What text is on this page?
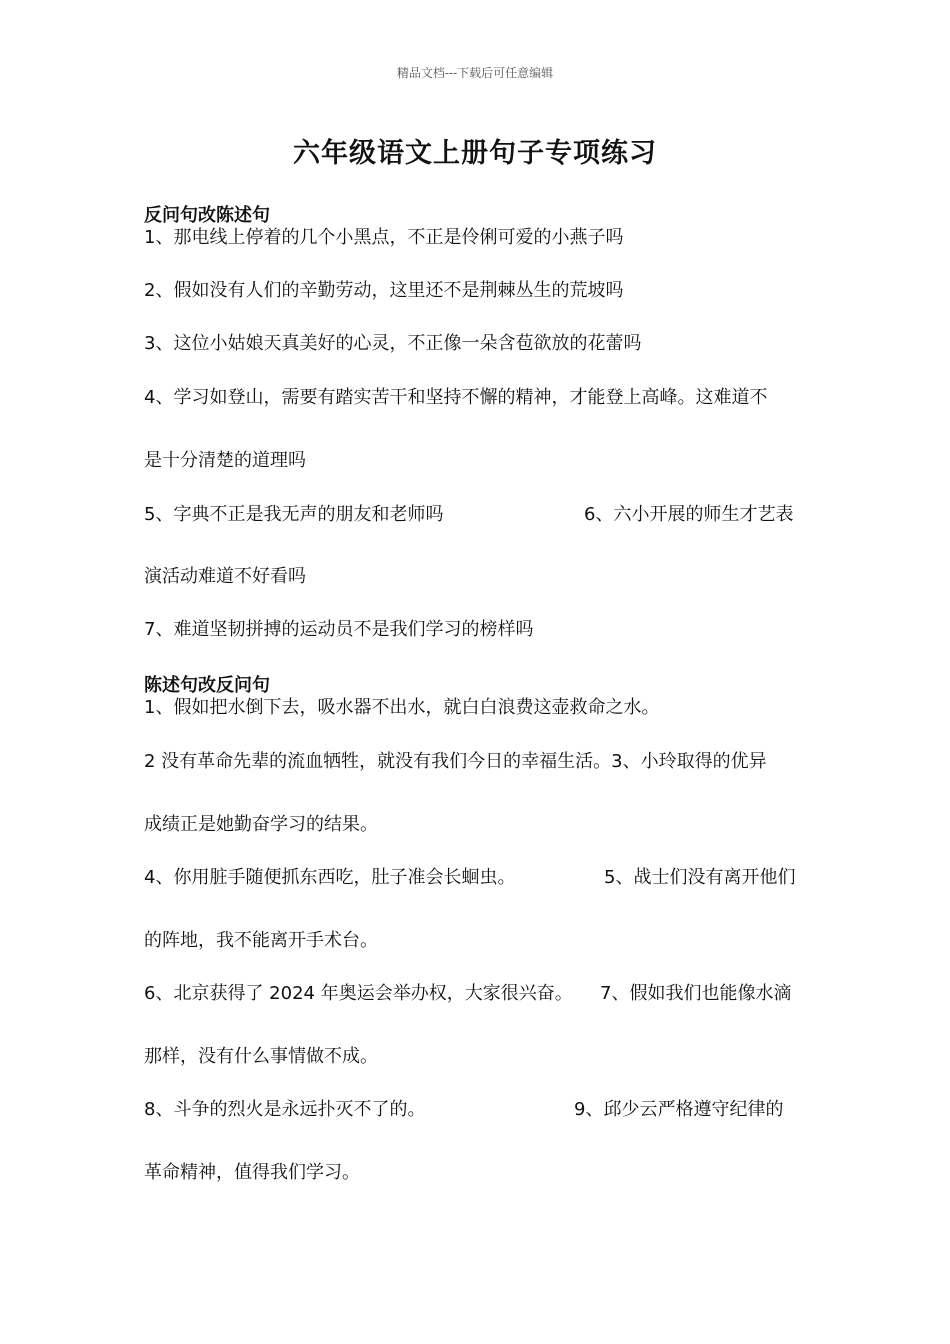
精品文档---下载后可任意编辑
六年级语文上册句子专项练习
反问句改陈述句
1、那电线上停着的几个小黑点，不正是伶俐可爱的小燕子吗
2、假如没有人们的辛勤劳动，这里还不是荆棘丛生的荒坡吗
3、这位小姑娘天真美好的心灵，不正像一朵含苞欲放的花蕾吗
4、学习如登山，需要有踏实苦干和坚持不懈的精神，才能登上高峰。这难道不
是十分清楚的道理吗
5、字典不正是我无声的朋友和老师吗	6、六小开展的师生才艺表
演活动难道不好看吗
7、难道坚韧拼搏的运动员不是我们学习的榜样吗
陈述句改反问句
1、假如把水倒下去，吸水器不出水，就白白浪费这壶救命之水。
2 没有革命先辈的流血牺牲，就没有我们今日的幸福生活。3、小玲取得的优异
成绩正是她勤奋学习的结果。
4、你用脏手随便抓东西吃，肚子准会长蛔虫。	5、战士们没有离开他们
的阵地，我不能离开手术台。
6、北京获得了 2024 年奥运会举办权，大家很兴奋。 7、假如我们也能像水滴
那样，没有什么事情做不成。
8、斗争的烈火是永远扑灭不了的。	9、邱少云严格遵守纪律的
革命精神，值得我们学习。
